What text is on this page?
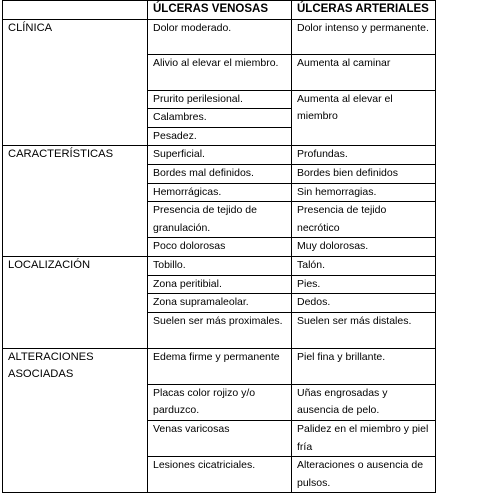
	ÚLCERAS VENOSAS	ÚLCERAS ARTERIALES
CLÍNICA	Dolor moderado.	Dolor intenso y permanente.
	Alivio al elevar el miembro.	Aumenta al caminar
	Prurito perilesional.	Aumenta al elevar el miembro
	Calambres.	
	Pesadez.	
CARACTERÍSTICAS	Superficial.	Profundas.
	Bordes mal definidos.	Bordes bien definidos
	Hemorrágicas.	Sin hemorragias.
	Presencia de tejido de granulación.	Presencia de tejido necrótico
	Poco dolorosas	Muy dolorosas.
LOCALIZACIÓN	Tobillo.	Talón.
	Zona peritibial.	Pies.
	Zona supramaleolar.	Dedos.
	Suelen ser más proximales.	Suelen ser más distales.
ALTERACIONES ASOCIADAS	Edema firme y permanente	Piel fina y brillante.
	Placas color rojizo y/o parduzco.	Uñas engrosadas y ausencia de pelo.
	Venas varicosas	Palidez en el miembro y piel fría
	Lesiones cicatriciales.	Alteraciones o ausencia de pulsos.
